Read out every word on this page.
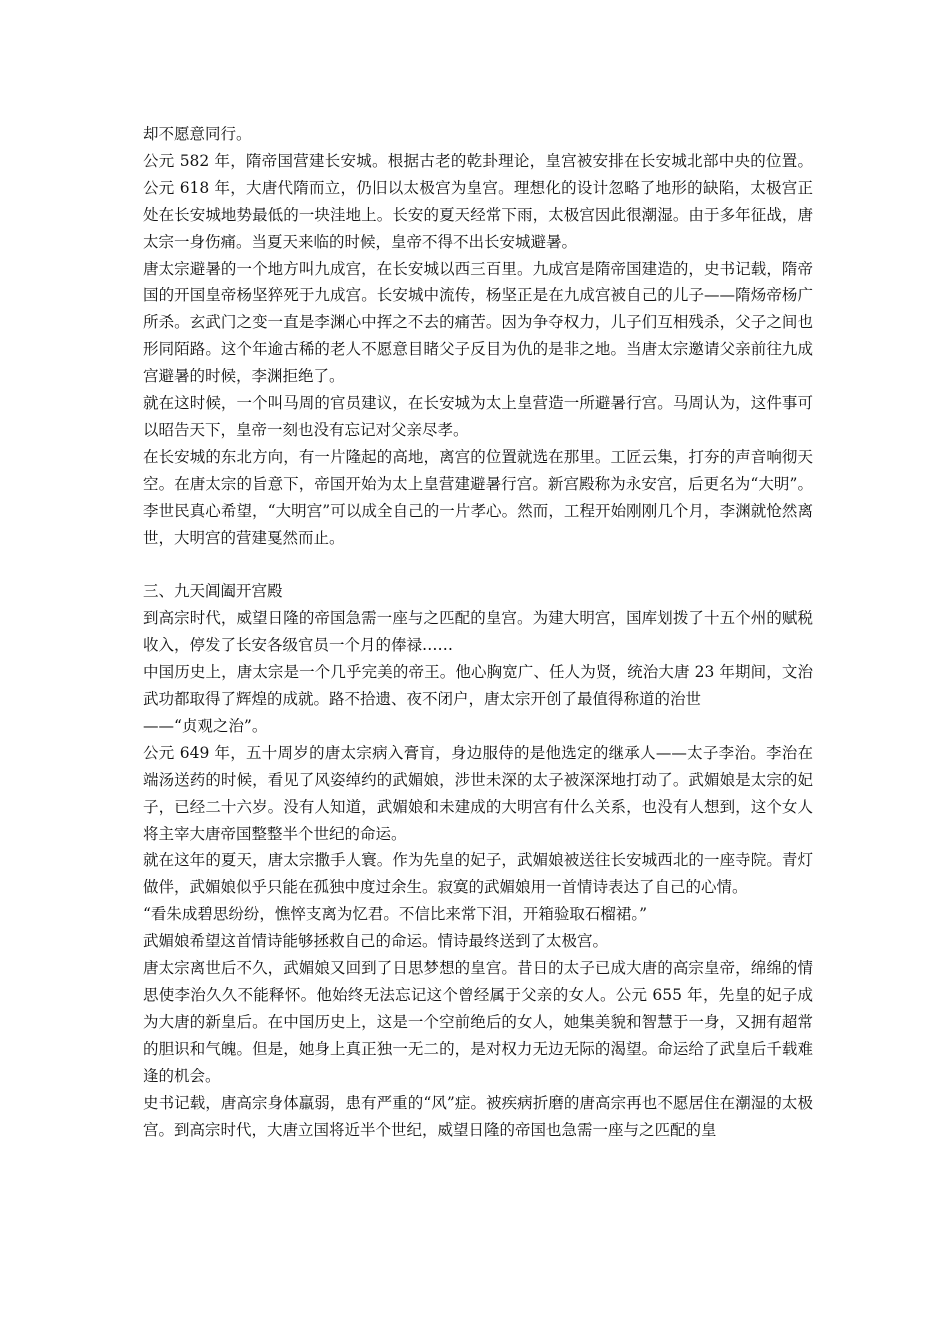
却不愿意同行。

公元 582 年，隋帝国营建长安城。根据古老的乾卦理论，皇宫被安排在长安城北部中央的位置。公元 618 年，大唐代隋而立，仍旧以太极宫为皇宫。理想化的设计忽略了地形的缺陷，太极宫正处在长安城地势最低的一块洼地上。长安的夏天经常下雨，太极宫因此很潮湿。由于多年征战，唐太宗一身伤痛。当夏天来临的时候，皇帝不得不出长安城避暑。

唐太宗避暑的一个地方叫九成宫，在长安城以西三百里。九成宫是隋帝国建造的，史书记载，隋帝国的开国皇帝杨坚猝死于九成宫。长安城中流传，杨坚正是在九成宫被自己的儿子——隋炀帝杨广所杀。玄武门之变一直是李渊心中挥之不去的痛苦。因为争夺权力，儿子们互相残杀，父子之间也形同陌路。这个年逾古稀的老人不愿意目睹父子反目为仇的是非之地。当唐太宗邀请父亲前往九成宫避暑的时候，李渊拒绝了。

就在这时候，一个叫马周的官员建议，在长安城为太上皇营造一所避暑行宫。马周认为，这件事可以昭告天下，皇帝一刻也没有忘记对父亲尽孝。

在长安城的东北方向，有一片隆起的高地，离宫的位置就选在那里。工匠云集，打夯的声音响彻天空。在唐太宗的旨意下，帝国开始为太上皇营建避暑行宫。新宫殿称为永安宫，后更名为“大明”。李世民真心希望，“大明宫”可以成全自己的一片孝心。然而，工程开始刚刚几个月，李渊就怆然离世，大明宫的营建戛然而止。

三、九天阊阖开宫殿

到高宗时代，威望日隆的帝国急需一座与之匹配的皇宫。为建大明宫，国库划拨了十五个州的赋税收入，停发了长安各级官员一个月的俸禄……

中国历史上，唐太宗是一个几乎完美的帝王。他心胸宽广、任人为贤，统治大唐 23 年期间，文治武功都取得了辉煌的成就。路不拾遗、夜不闭户，唐太宗开创了最值得称道的治世

——“贞观之治”。

公元 649 年，五十周岁的唐太宗病入膏肓，身边服侍的是他选定的继承人——太子李治。李治在端汤送药的时候，看见了风姿绰约的武媚娘，涉世未深的太子被深深地打动了。武媚娘是太宗的妃子，已经二十六岁。没有人知道，武媚娘和未建成的大明宫有什么关系，也没有人想到，这个女人将主宰大唐帝国整整半个世纪的命运。

就在这年的夏天，唐太宗撒手人寰。作为先皇的妃子，武媚娘被送往长安城西北的一座寺院。青灯做伴，武媚娘似乎只能在孤独中度过余生。寂寞的武媚娘用一首情诗表达了自己的心情。

“看朱成碧思纷纷，憔悴支离为忆君。不信比来常下泪，开箱验取石榴裙。”

武媚娘希望这首情诗能够拯救自己的命运。情诗最终送到了太极宫。

唐太宗离世后不久，武媚娘又回到了日思梦想的皇宫。昔日的太子已成大唐的高宗皇帝，绵绵的情思使李治久久不能释怀。他始终无法忘记这个曾经属于父亲的女人。公元 655 年，先皇的妃子成为大唐的新皇后。在中国历史上，这是一个空前绝后的女人，她集美貌和智慧于一身，又拥有超常的胆识和气魄。但是，她身上真正独一无二的，是对权力无边无际的渴望。命运给了武皇后千载难逢的机会。

史书记载，唐高宗身体羸弱，患有严重的“风”症。被疾病折磨的唐高宗再也不愿居住在潮湿的太极宫。到高宗时代，大唐立国将近半个世纪，威望日隆的帝国也急需一座与之匹配的皇
